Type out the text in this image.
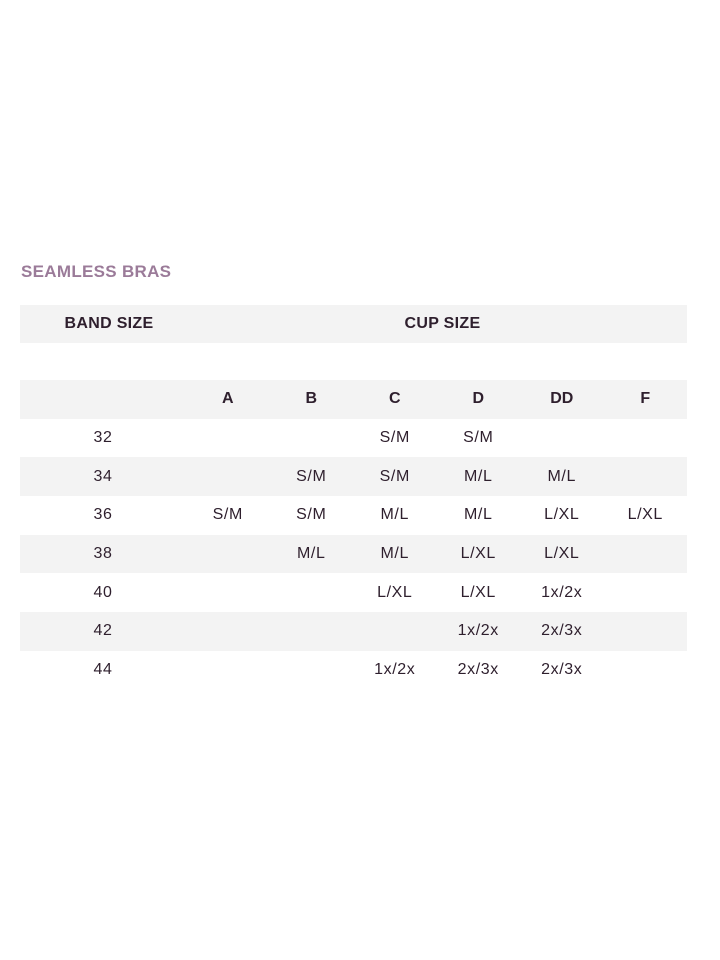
SEAMLESS BRAS
BAND SIZE	CUP SIZE
	A	B	C	D	DD	F
32			S/M	S/M		
34		S/M	S/M	M/L	M/L	
36	S/M	S/M	M/L	M/L	L/XL	L/XL
38		M/L	M/L	L/XL	L/XL	
40			L/XL	L/XL	1x/2x	
42				1x/2x	2x/3x	
44			1x/2x	2x/3x	2x/3x	
